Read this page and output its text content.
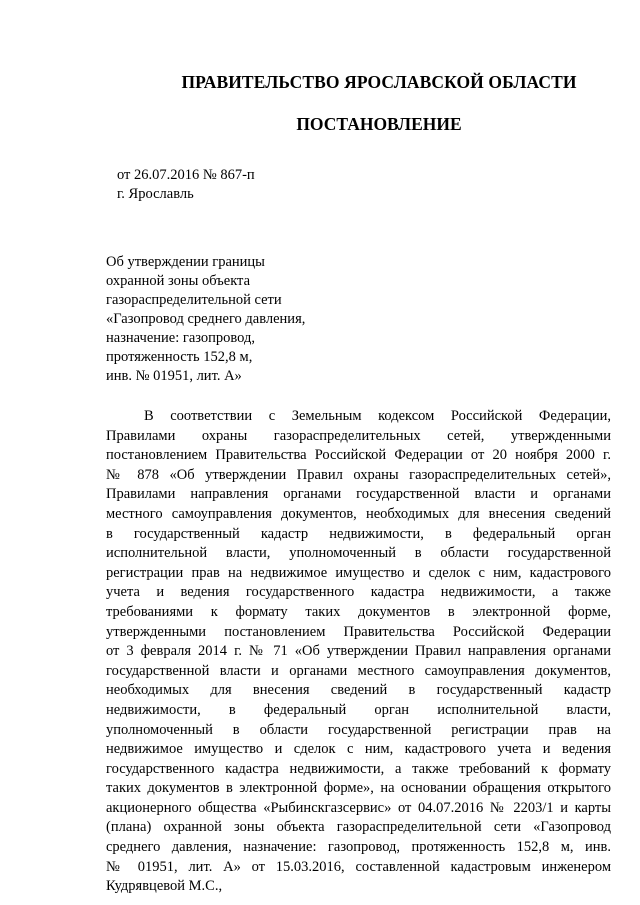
ПРАВИТЕЛЬСТВО ЯРОСЛАВСКОЙ ОБЛАСТИ
ПОСТАНОВЛЕНИЕ
от 26.07.2016 № 867-п
г. Ярославль
Об утверждении границы
охранной зоны объекта
газораспределительной сети
«Газопровод среднего давления,
назначение: газопровод,
протяженность 152,8 м,
инв. № 01951, лит. А»
В соответствии с Земельным кодексом Российской Федерации,
Правилами охраны газораспределительных сетей, утвержденными
постановлением Правительства Российской Федерации от 20 ноября 2000 г.
№ 878 «Об утверждении Правил охраны газораспределительных сетей»,
Правилами направления органами государственной власти и органами
местного самоуправления документов, необходимых для внесения сведений
в государственный кадастр недвижимости, в федеральный орган
исполнительной власти, уполномоченный в области государственной
регистрации прав на недвижимое имущество и сделок с ним, кадастрового
учета и ведения государственного кадастра недвижимости, а также
требованиями к формату таких документов в электронной форме,
утвержденными постановлением Правительства Российской Федерации
от 3 февраля 2014 г. № 71 «Об утверждении Правил направления органами
государственной власти и органами местного самоуправления документов,
необходимых для внесения сведений в государственный кадастр
недвижимости, в федеральный орган исполнительной власти,
уполномоченный в области государственной регистрации прав на
недвижимое имущество и сделок с ним, кадастрового учета и ведения
государственного кадастра недвижимости, а также требований к формату
таких документов в электронной форме», на основании обращения открытого
акционерного общества «Рыбинскгазсервис» от 04.07.2016 № 2203/1 и карты
(плана) охранной зоны объекта газораспределительной сети «Газопровод
среднего давления, назначение: газопровод, протяженность 152,8 м, инв.
№ 01951, лит. А» от 15.03.2016, составленной кадастровым инженером
Кудрявцевой М.С.,
